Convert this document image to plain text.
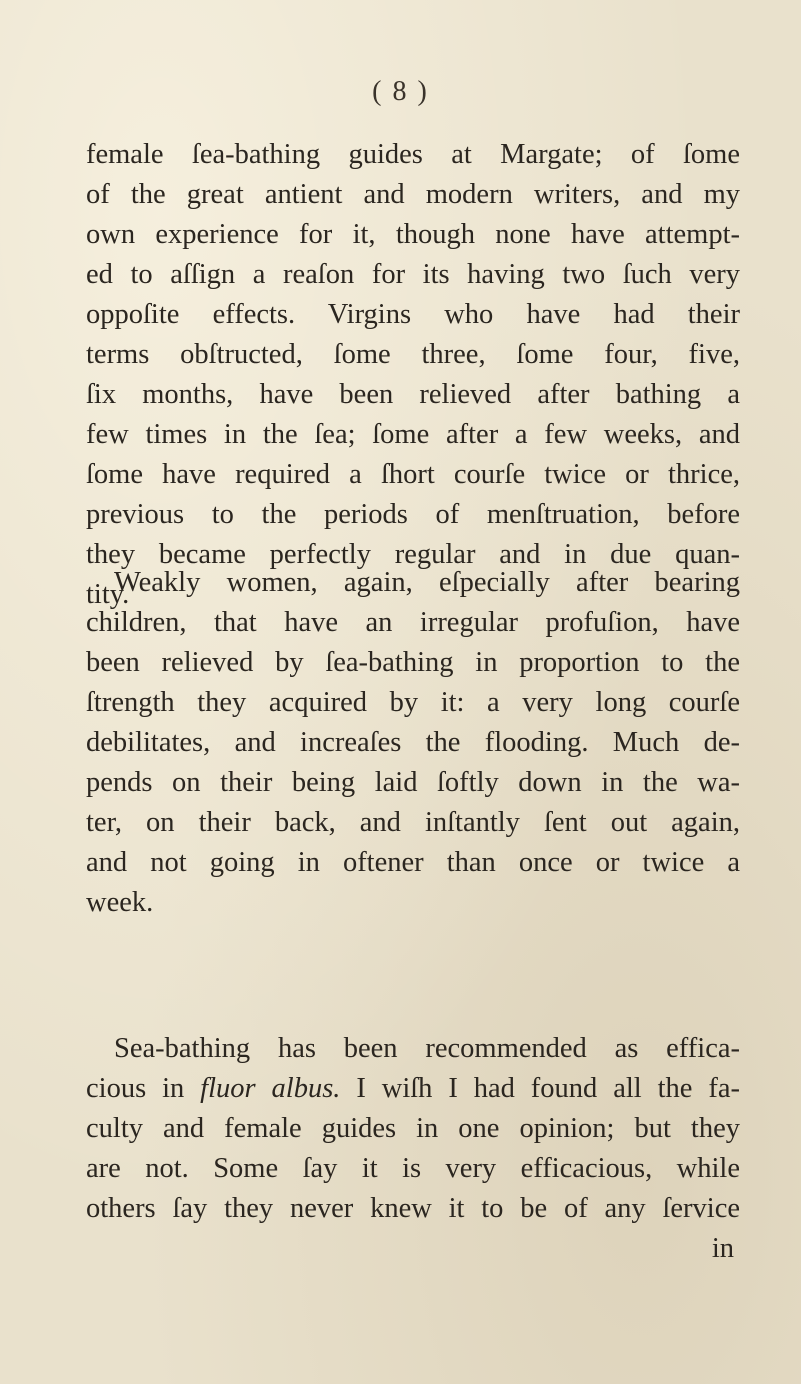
( 8 )
female ſea-bathing guides at Margate; of ſome
of the great antient and modern writers, and my
own experience for it, though none have attempt-
ed to aſſign a reaſon for its having two ſuch very
oppoſite effects. Virgins who have had their
terms obſtructed, ſome three, ſome four, five,
ſix months, have been relieved after bathing a
few times in the ſea; ſome after a few weeks, and
ſome have required a ſhort courſe twice or thrice,
previous to the periods of menſtruation, before
they became perfectly regular and in due quan-
tity.
Weakly women, again, eſpecially after bearing
children, that have an irregular profuſion, have
been relieved by ſea-bathing in proportion to the
ſtrength they acquired by it: a very long courſe
debilitates, and increaſes the flooding. Much de-
pends on their being laid ſoftly down in the wa-
ter, on their back, and inſtantly ſent out again,
and not going in oftener than once or twice a
week.
Sea-bathing has been recommended as effica-
cious in fluor albus. I wiſh I had found all the fa-
culty and female guides in one opinion; but they
are not. Some ſay it is very efficacious, while
others ſay they never knew it to be of any ſervice
in
